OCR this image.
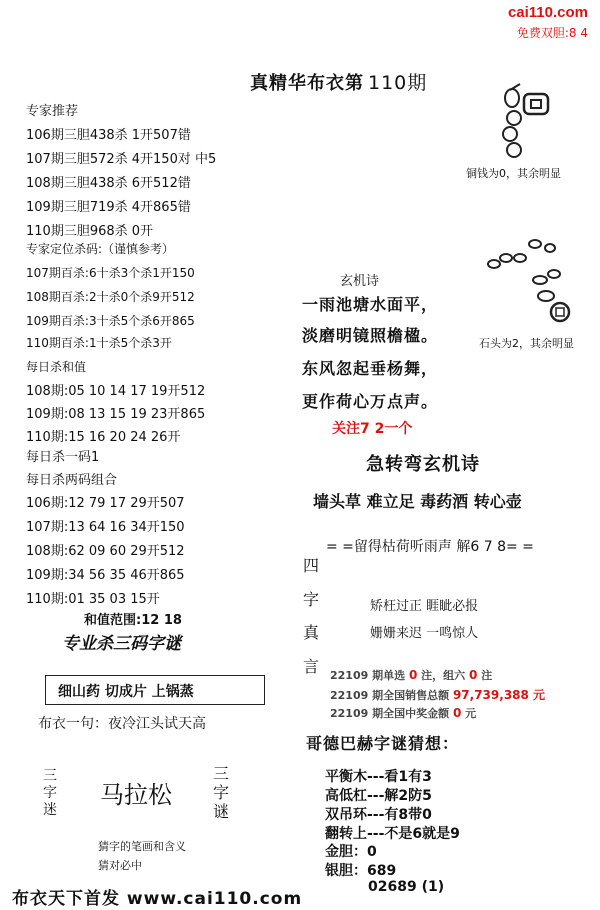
cai110.com
免费双胆:8 4
真精华布衣第 110期
专家推荐
106期三胆438杀 1开507错
107期三胆572杀 4开150对 中5
108期三胆438杀 6开512错
109期三胆719杀 4开865错
110期三胆968杀 0开
专家定位杀码:（谨慎参考）
107期百杀:6十杀3个杀1开150
108期百杀:2十杀0个杀9开512
109期百杀:3十杀5个杀6开865
110期百杀:1十杀5个杀3开
每日杀和值
108期:05 10 14 17 19开512
109期:08 13 15 19 23开865
110期:15 16 20 24 26开
每日杀一码1
每日杀两码组合
106期:12 79 17 29开507
107期:13 64 16 34开150
108期:62 09 60 29开512
109期:34 56 35 46开865
110期:01 35 03 15开
和值范围:12 18
专业杀三码字谜
细山药 切成片 上锅蒸
布衣一句：夜冷江头试天高
三
字
迷
马拉松
三
字
谜
猜字的笔画和含义
猜对必中
铜钱为0，其余明显
石头为2，其余明显
玄机诗
一雨池塘水面平，
淡磨明镜照檐楹。
东风忽起垂杨舞，
更作荷心万点声。
关注7 2一个
急转弯玄机诗
墙头草 难立足 毒药酒 转心壶
= =留得枯荷听雨声 解6 7 8= =
四
字
真
言
矫枉过正 睚眦必报
姗姗来迟 一鸣惊人
22109 期单选 0 注，组六 0 注
22109 期全国销售总额 97,739,388 元
22109 期全国中奖金额 0 元
哥德巴赫字谜猜想：
平衡木---看1有3
高低杠---解2防5
双吊环---有8带0
翻转上---不是6就是9
金胆：0
银胆：689
02689 (1)
布衣天下首发 www.cai110.com
